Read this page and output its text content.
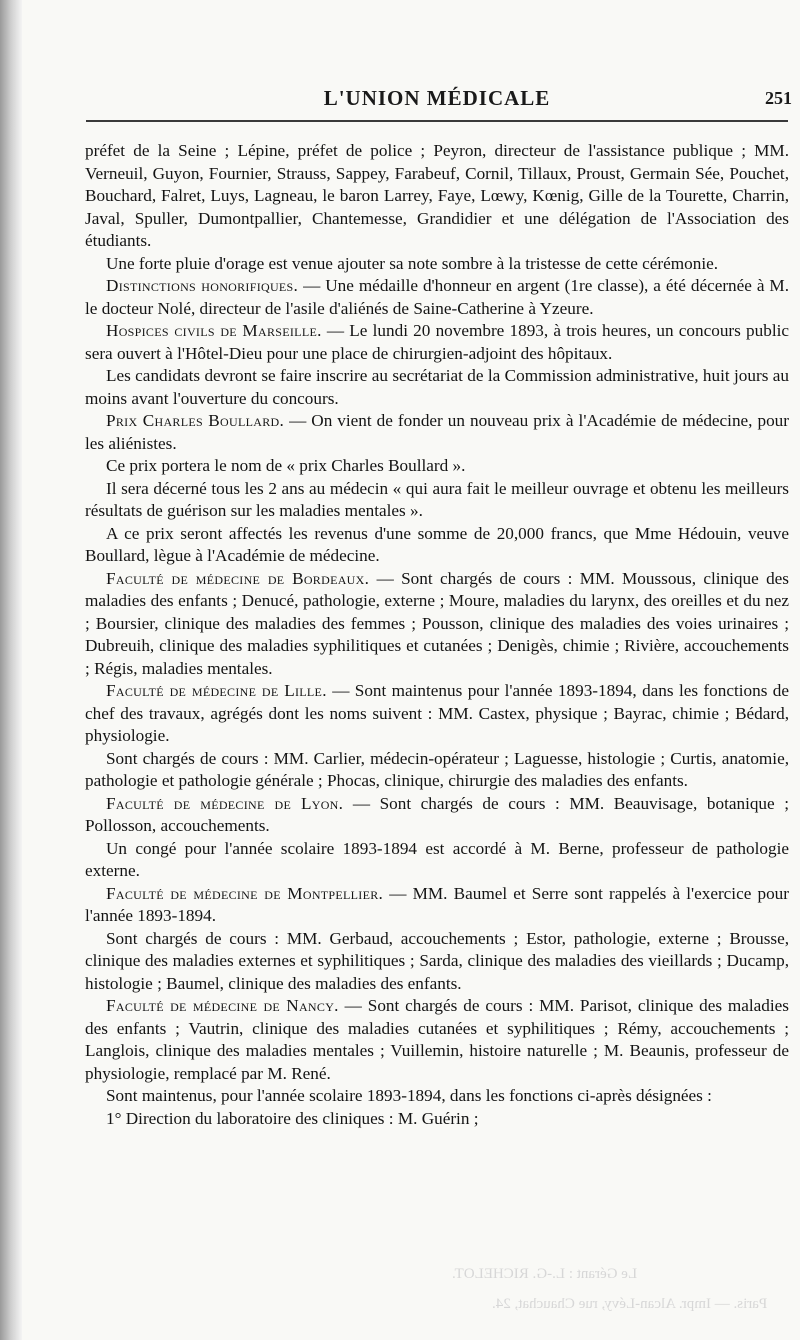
L'UNION MÉDICALE	251
Paris. — Impr. Alcan-Lévy, rue Chauchat, 24.
Le Gérant : L.-G. RICHELOT.

préfet de la Seine ; Lépine, préfet de police ; Peyron, directeur de l'assistance publique ; MM. Verneuil, Guyon, Fournier, Strauss, Sappey, Farabeuf, Cornil, Tillaux, Proust, Germain Sée, Pouchet, Bouchard, Falret, Luys, Lagneau, le baron Larrey, Faye, Lœwy, Kœnig, Gille de la Tourette, Charrin, Javal, Spuller, Dumontpallier, Chantemesse, Grandidier et une délégation de l'Association des étudiants.

Une forte pluie d'orage est venue ajouter sa note sombre à la tristesse de cette cérémonie.

Distinctions honorifiques. — Une médaille d'honneur en argent (1re classe), a été décernée à M. le docteur Nolé, directeur de l'asile d'aliénés de Saine-Catherine à Yzeure.

Hospices civils de Marseille. — Le lundi 20 novembre 1893, à trois heures, un concours public sera ouvert à l'Hôtel-Dieu pour une place de chirurgien-adjoint des hôpitaux.

Les candidats devront se faire inscrire au secrétariat de la Commission administrative, huit jours au moins avant l'ouverture du concours.

Prix Charles Boullard. — On vient de fonder un nouveau prix à l'Académie de médecine, pour les aliénistes.

Ce prix portera le nom de « prix Charles Boullard ».

Il sera décerné tous les 2 ans au médecin « qui aura fait le meilleur ouvrage et obtenu les meilleurs résultats de guérison sur les maladies mentales ».

A ce prix seront affectés les revenus d'une somme de 20,000 francs, que Mme Hédouin, veuve Boullard, lègue à l'Académie de médecine.

Faculté de médecine de Bordeaux. — Sont chargés de cours : MM. Moussous, clinique des maladies des enfants ; Denucé, pathologie, externe ; Moure, maladies du larynx, des oreilles et du nez ; Boursier, clinique des maladies des femmes ; Pousson, clinique des maladies des voies urinaires ; Dubreuih, clinique des maladies syphilitiques et cutanées ; Denigès, chimie ; Rivière, accouchements ; Régis, maladies mentales.

Faculté de médecine de Lille. — Sont maintenus pour l'année 1893-1894, dans les fonctions de chef des travaux, agrégés dont les noms suivent : MM. Castex, physique ; Bayrac, chimie ; Bédard, physiologie.

Sont chargés de cours : MM. Carlier, médecin-opérateur ; Laguesse, histologie ; Curtis, anatomie, pathologie et pathologie générale ; Phocas, clinique, chirurgie des maladies des enfants.

Faculté de médecine de Lyon. — Sont chargés de cours : MM. Beauvisage, botanique ; Pollosson, accouchements.

Un congé pour l'année scolaire 1893-1894 est accordé à M. Berne, professeur de pathologie externe.

Faculté de médecine de Montpellier. — MM. Baumel et Serre sont rappelés à l'exercice pour l'année 1893-1894.

Sont chargés de cours : MM. Gerbaud, accouchements ; Estor, pathologie, externe ; Brousse, clinique des maladies externes et syphilitiques ; Sarda, clinique des maladies des vieillards ; Ducamp, histologie ; Baumel, clinique des maladies des enfants.

Faculté de médecine de Nancy. — Sont chargés de cours : MM. Parisot, clinique des maladies des enfants ; Vautrin, clinique des maladies cutanées et syphilitiques ; Rémy, accouchements ; Langlois, clinique des maladies mentales ; Vuillemin, histoire naturelle ; M. Beaunis, professeur de physiologie, remplacé par M. René.

Sont maintenus, pour l'année scolaire 1893-1894, dans les fonctions ci-après désignées :

1° Direction du laboratoire des cliniques : M. Guérin ;
